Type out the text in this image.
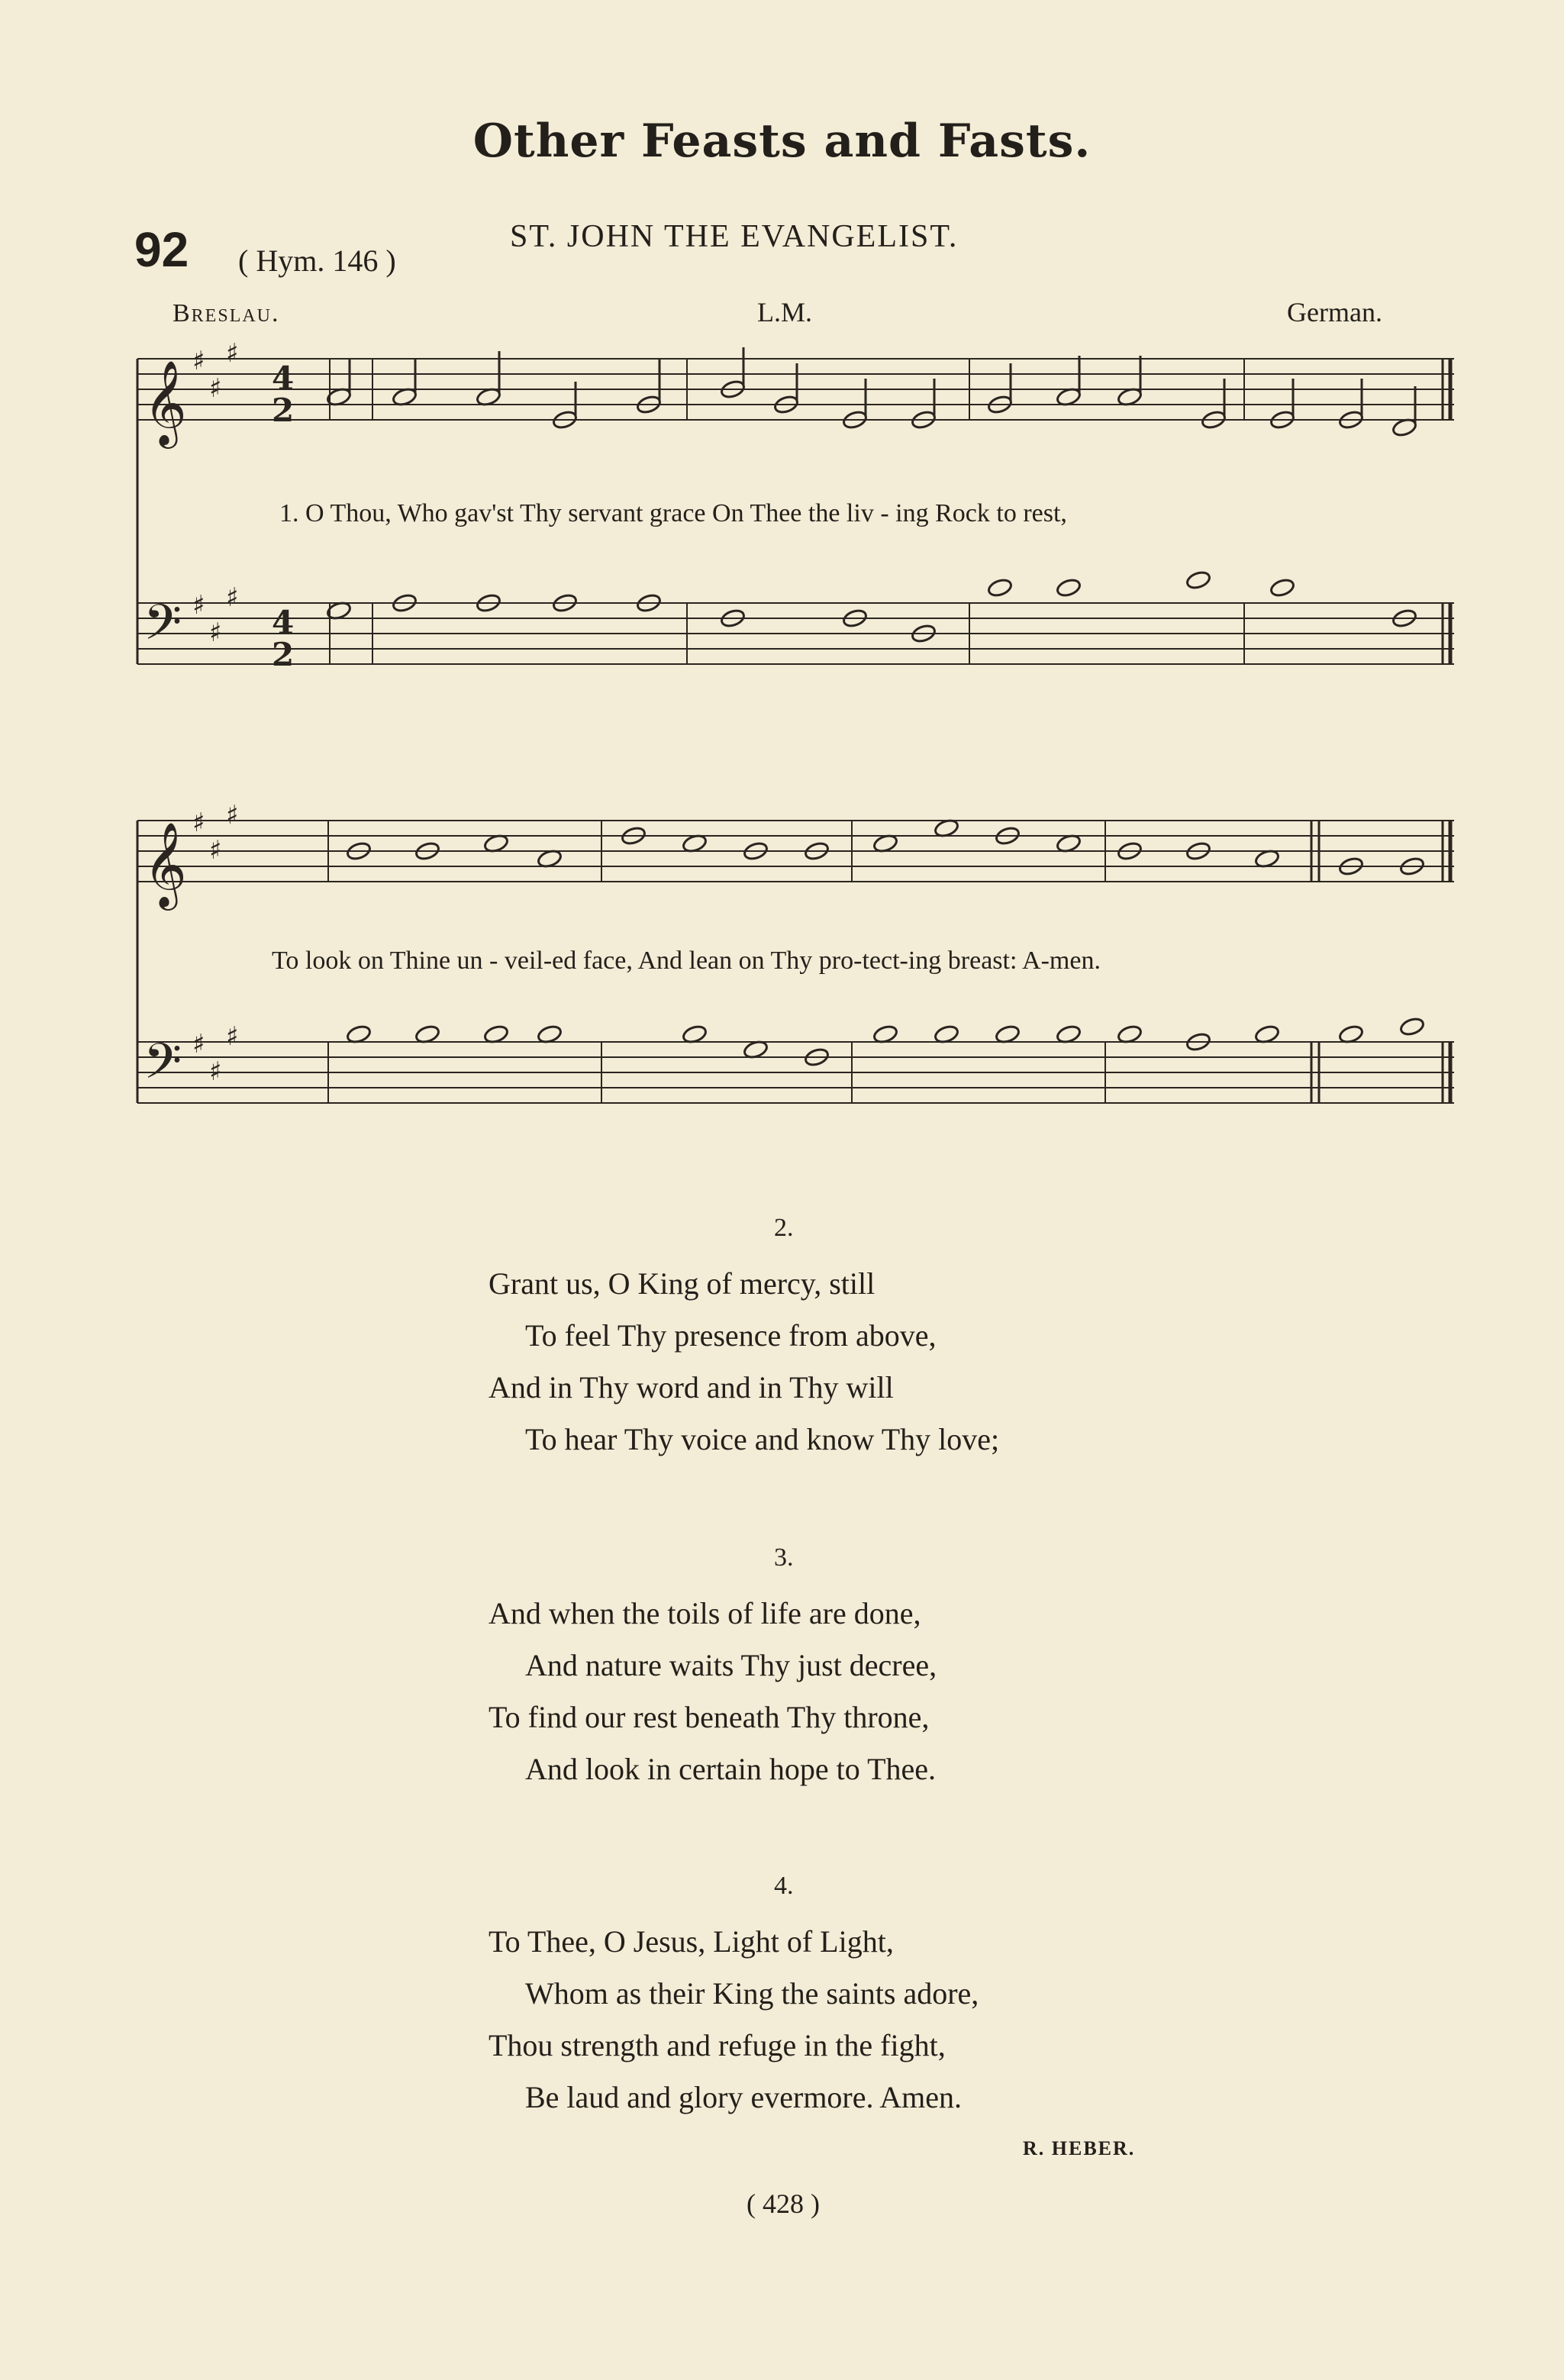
Other Feasts and Fasts.
92 ( Hym. 146 )
ST. JOHN THE EVANGELIST.
Breslau.	L.M.	German.
𝄞
𝄢
𝄞
𝄢
♯
♯
♯
♯
♯
♯
♯
♯
♯
♯
♯
♯
4
2
4
2
1. O Thou, Who gav'st Thy servant grace On Thee the liv - ing Rock to rest,
To look on Thine un - veil-ed face, And lean on Thy pro-tect-ing breast: A-men.
2.
Grant us, O King of mercy, still
To feel Thy presence from above,
And in Thy word and in Thy will
To hear Thy voice and know Thy love;
3.
And when the toils of life are done,
And nature waits Thy just decree,
To find our rest beneath Thy throne,
And look in certain hope to Thee.
4.
To Thee, O Jesus, Light of Light,
Whom as their King the saints adore,
Thou strength and refuge in the fight,
Be laud and glory evermore. Amen.
R. HEBER.
( 428 )
